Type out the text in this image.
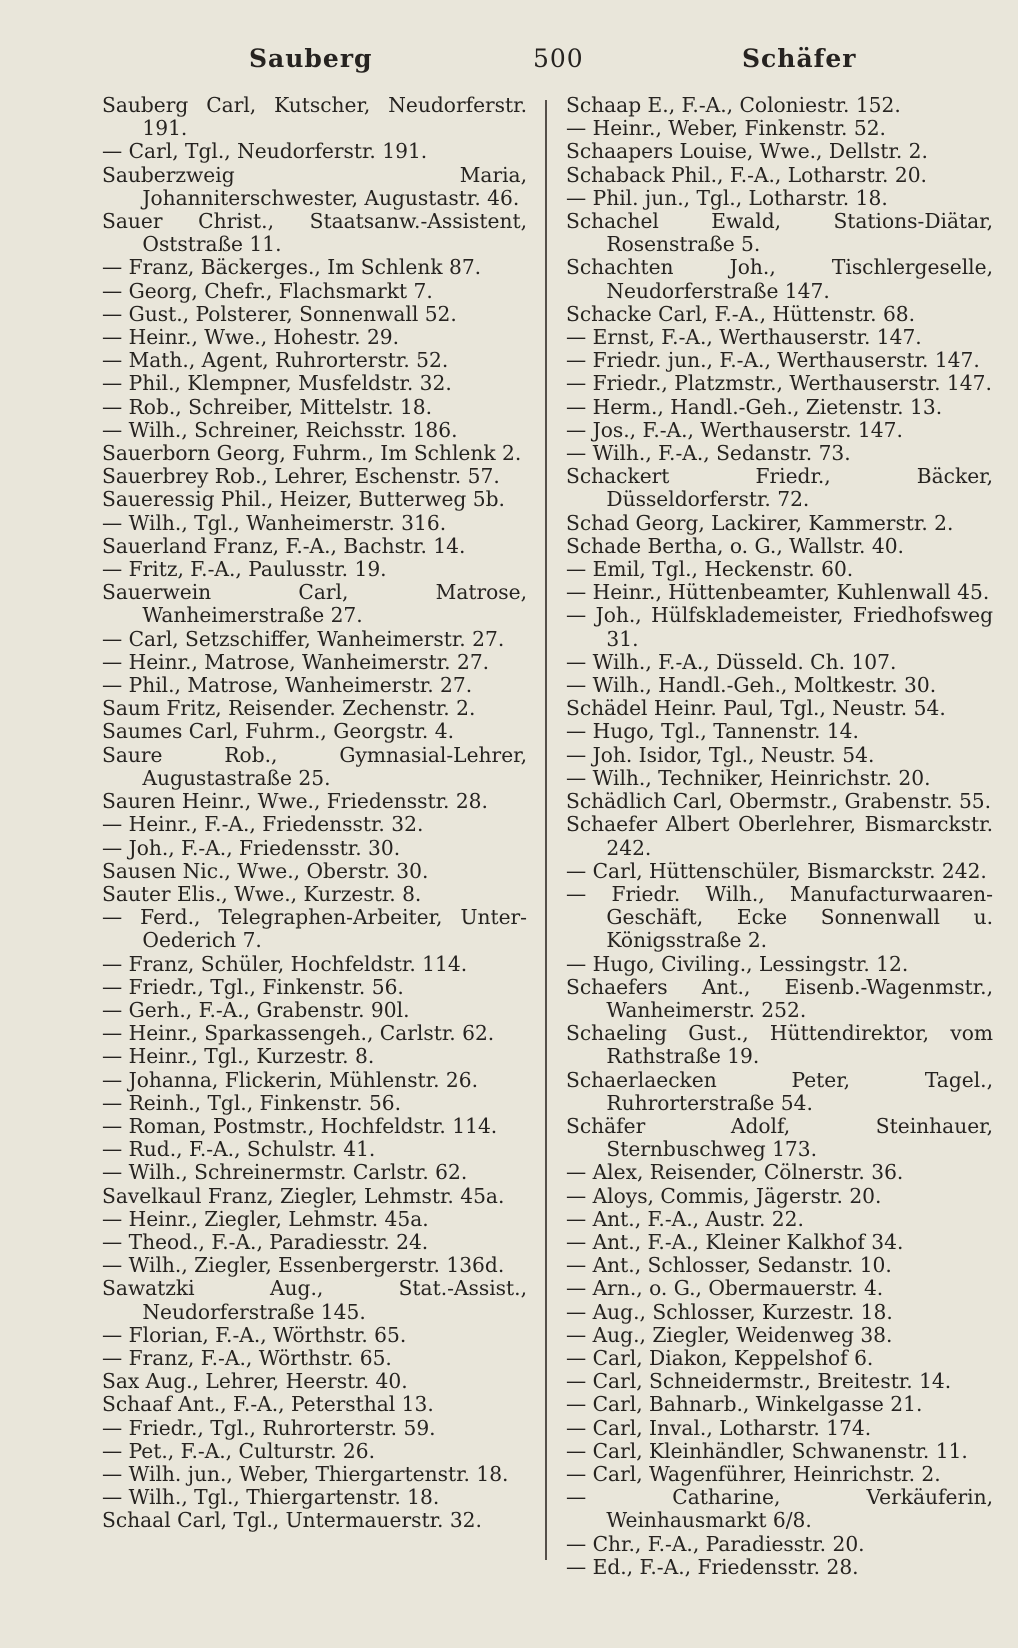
Sauberg	500	Schäfer

Sauberg Carl, Kutscher, Neudorferstr. 191.

— Carl, Tgl., Neudorferstr. 191.

Sauberzweig Maria, Johanniterschwester, Augustastr. 46.

Sauer Christ., Staatsanw.-Assistent, Oststraße 11.

— Franz, Bäckerges., Im Schlenk 87.

— Georg, Chefr., Flachsmarkt 7.

— Gust., Polsterer, Sonnenwall 52.

— Heinr., Wwe., Hohestr. 29.

— Math., Agent, Ruhrorterstr. 52.

— Phil., Klempner, Musfeldstr. 32.

— Rob., Schreiber, Mittelstr. 18.

— Wilh., Schreiner, Reichsstr. 186.

Sauerborn Georg, Fuhrm., Im Schlenk 2.

Sauerbrey Rob., Lehrer, Eschenstr. 57.

Saueressig Phil., Heizer, Butterweg 5b.

— Wilh., Tgl., Wanheimerstr. 316.

Sauerland Franz, F.-A., Bachstr. 14.

— Fritz, F.-A., Paulusstr. 19.

Sauerwein Carl, Matrose, Wanheimerstraße 27.

— Carl, Setzschiffer, Wanheimerstr. 27.

— Heinr., Matrose, Wanheimerstr. 27.

— Phil., Matrose, Wanheimerstr. 27.

Saum Fritz, Reisender. Zechenstr. 2.

Saumes Carl, Fuhrm., Georgstr. 4.

Saure Rob., Gymnasial-Lehrer, Augustastraße 25.

Sauren Heinr., Wwe., Friedensstr. 28.

— Heinr., F.-A., Friedensstr. 32.

— Joh., F.-A., Friedensstr. 30.

Sausen Nic., Wwe., Oberstr. 30.

Sauter Elis., Wwe., Kurzestr. 8.

— Ferd., Telegraphen-Arbeiter, Unter-Oederich 7.

— Franz, Schüler, Hochfeldstr. 114.

— Friedr., Tgl., Finkenstr. 56.

— Gerh., F.-A., Grabenstr. 90l.

— Heinr., Sparkassengeh., Carlstr. 62.

— Heinr., Tgl., Kurzestr. 8.

— Johanna, Flickerin, Mühlenstr. 26.

— Reinh., Tgl., Finkenstr. 56.

— Roman, Postmstr., Hochfeldstr. 114.

— Rud., F.-A., Schulstr. 41.

— Wilh., Schreinermstr. Carlstr. 62.

Savelkaul Franz, Ziegler, Lehmstr. 45a.

— Heinr., Ziegler, Lehmstr. 45a.

— Theod., F.-A., Paradiesstr. 24.

— Wilh., Ziegler, Essenbergerstr. 136d.

Sawatzki Aug., Stat.-Assist., Neudorferstraße 145.

— Florian, F.-A., Wörthstr. 65.

— Franz, F.-A., Wörthstr. 65.

Sax Aug., Lehrer, Heerstr. 40.

Schaaf Ant., F.-A., Petersthal 13.

— Friedr., Tgl., Ruhrorterstr. 59.

— Pet., F.-A., Culturstr. 26.

— Wilh. jun., Weber, Thiergartenstr. 18.

— Wilh., Tgl., Thiergartenstr. 18.

Schaal Carl, Tgl., Untermauerstr. 32.

Schaap E., F.-A., Coloniestr. 152.

— Heinr., Weber, Finkenstr. 52.

Schaapers Louise, Wwe., Dellstr. 2.

Schaback Phil., F.-A., Lotharstr. 20.

— Phil. jun., Tgl., Lotharstr. 18.

Schachel Ewald, Stations-Diätar, Rosenstraße 5.

Schachten Joh., Tischlergeselle, Neudorferstraße 147.

Schacke Carl, F.-A., Hüttenstr. 68.

— Ernst, F.-A., Werthauserstr. 147.

— Friedr. jun., F.-A., Werthauserstr. 147.

— Friedr., Platzmstr., Werthauserstr. 147.

— Herm., Handl.-Geh., Zietenstr. 13.

— Jos., F.-A., Werthauserstr. 147.

— Wilh., F.-A., Sedanstr. 73.

Schackert Friedr., Bäcker, Düsseldorferstr. 72.

Schad Georg, Lackirer, Kammerstr. 2.

Schade Bertha, o. G., Wallstr. 40.

— Emil, Tgl., Heckenstr. 60.

— Heinr., Hüttenbeamter, Kuhlenwall 45.

— Joh., Hülfsklademeister, Friedhofsweg 31.

— Wilh., F.-A., Düsseld. Ch. 107.

— Wilh., Handl.-Geh., Moltkestr. 30.

Schädel Heinr. Paul, Tgl., Neustr. 54.

— Hugo, Tgl., Tannenstr. 14.

— Joh. Isidor, Tgl., Neustr. 54.

— Wilh., Techniker, Heinrichstr. 20.

Schädlich Carl, Obermstr., Grabenstr. 55.

Schaefer Albert Oberlehrer, Bismarckstr. 242.

— Carl, Hüttenschüler, Bismarckstr. 242.

— Friedr. Wilh., Manufacturwaaren-Geschäft, Ecke Sonnenwall u. Königsstraße 2.

— Hugo, Civiling., Lessingstr. 12.

Schaefers Ant., Eisenb.-Wagenmstr., Wanheimerstr. 252.

Schaeling Gust., Hüttendirektor, vom Rathstraße 19.

Schaerlaecken Peter, Tagel., Ruhrorterstraße 54.

Schäfer Adolf, Steinhauer, Sternbuschweg 173.

— Alex, Reisender, Cölnerstr. 36.

— Aloys, Commis, Jägerstr. 20.

— Ant., F.-A., Austr. 22.

— Ant., F.-A., Kleiner Kalkhof 34.

— Ant., Schlosser, Sedanstr. 10.

— Arn., o. G., Obermauerstr. 4.

— Aug., Schlosser, Kurzestr. 18.

— Aug., Ziegler, Weidenweg 38.

— Carl, Diakon, Keppelshof 6.

— Carl, Schneidermstr., Breitestr. 14.

— Carl, Bahnarb., Winkelgasse 21.

— Carl, Inval., Lotharstr. 174.

— Carl, Kleinhändler, Schwanenstr. 11.

— Carl, Wagenführer, Heinrichstr. 2.

— Catharine, Verkäuferin, Weinhausmarkt 6/8.

— Chr., F.-A., Paradiesstr. 20.

— Ed., F.-A., Friedensstr. 28.
